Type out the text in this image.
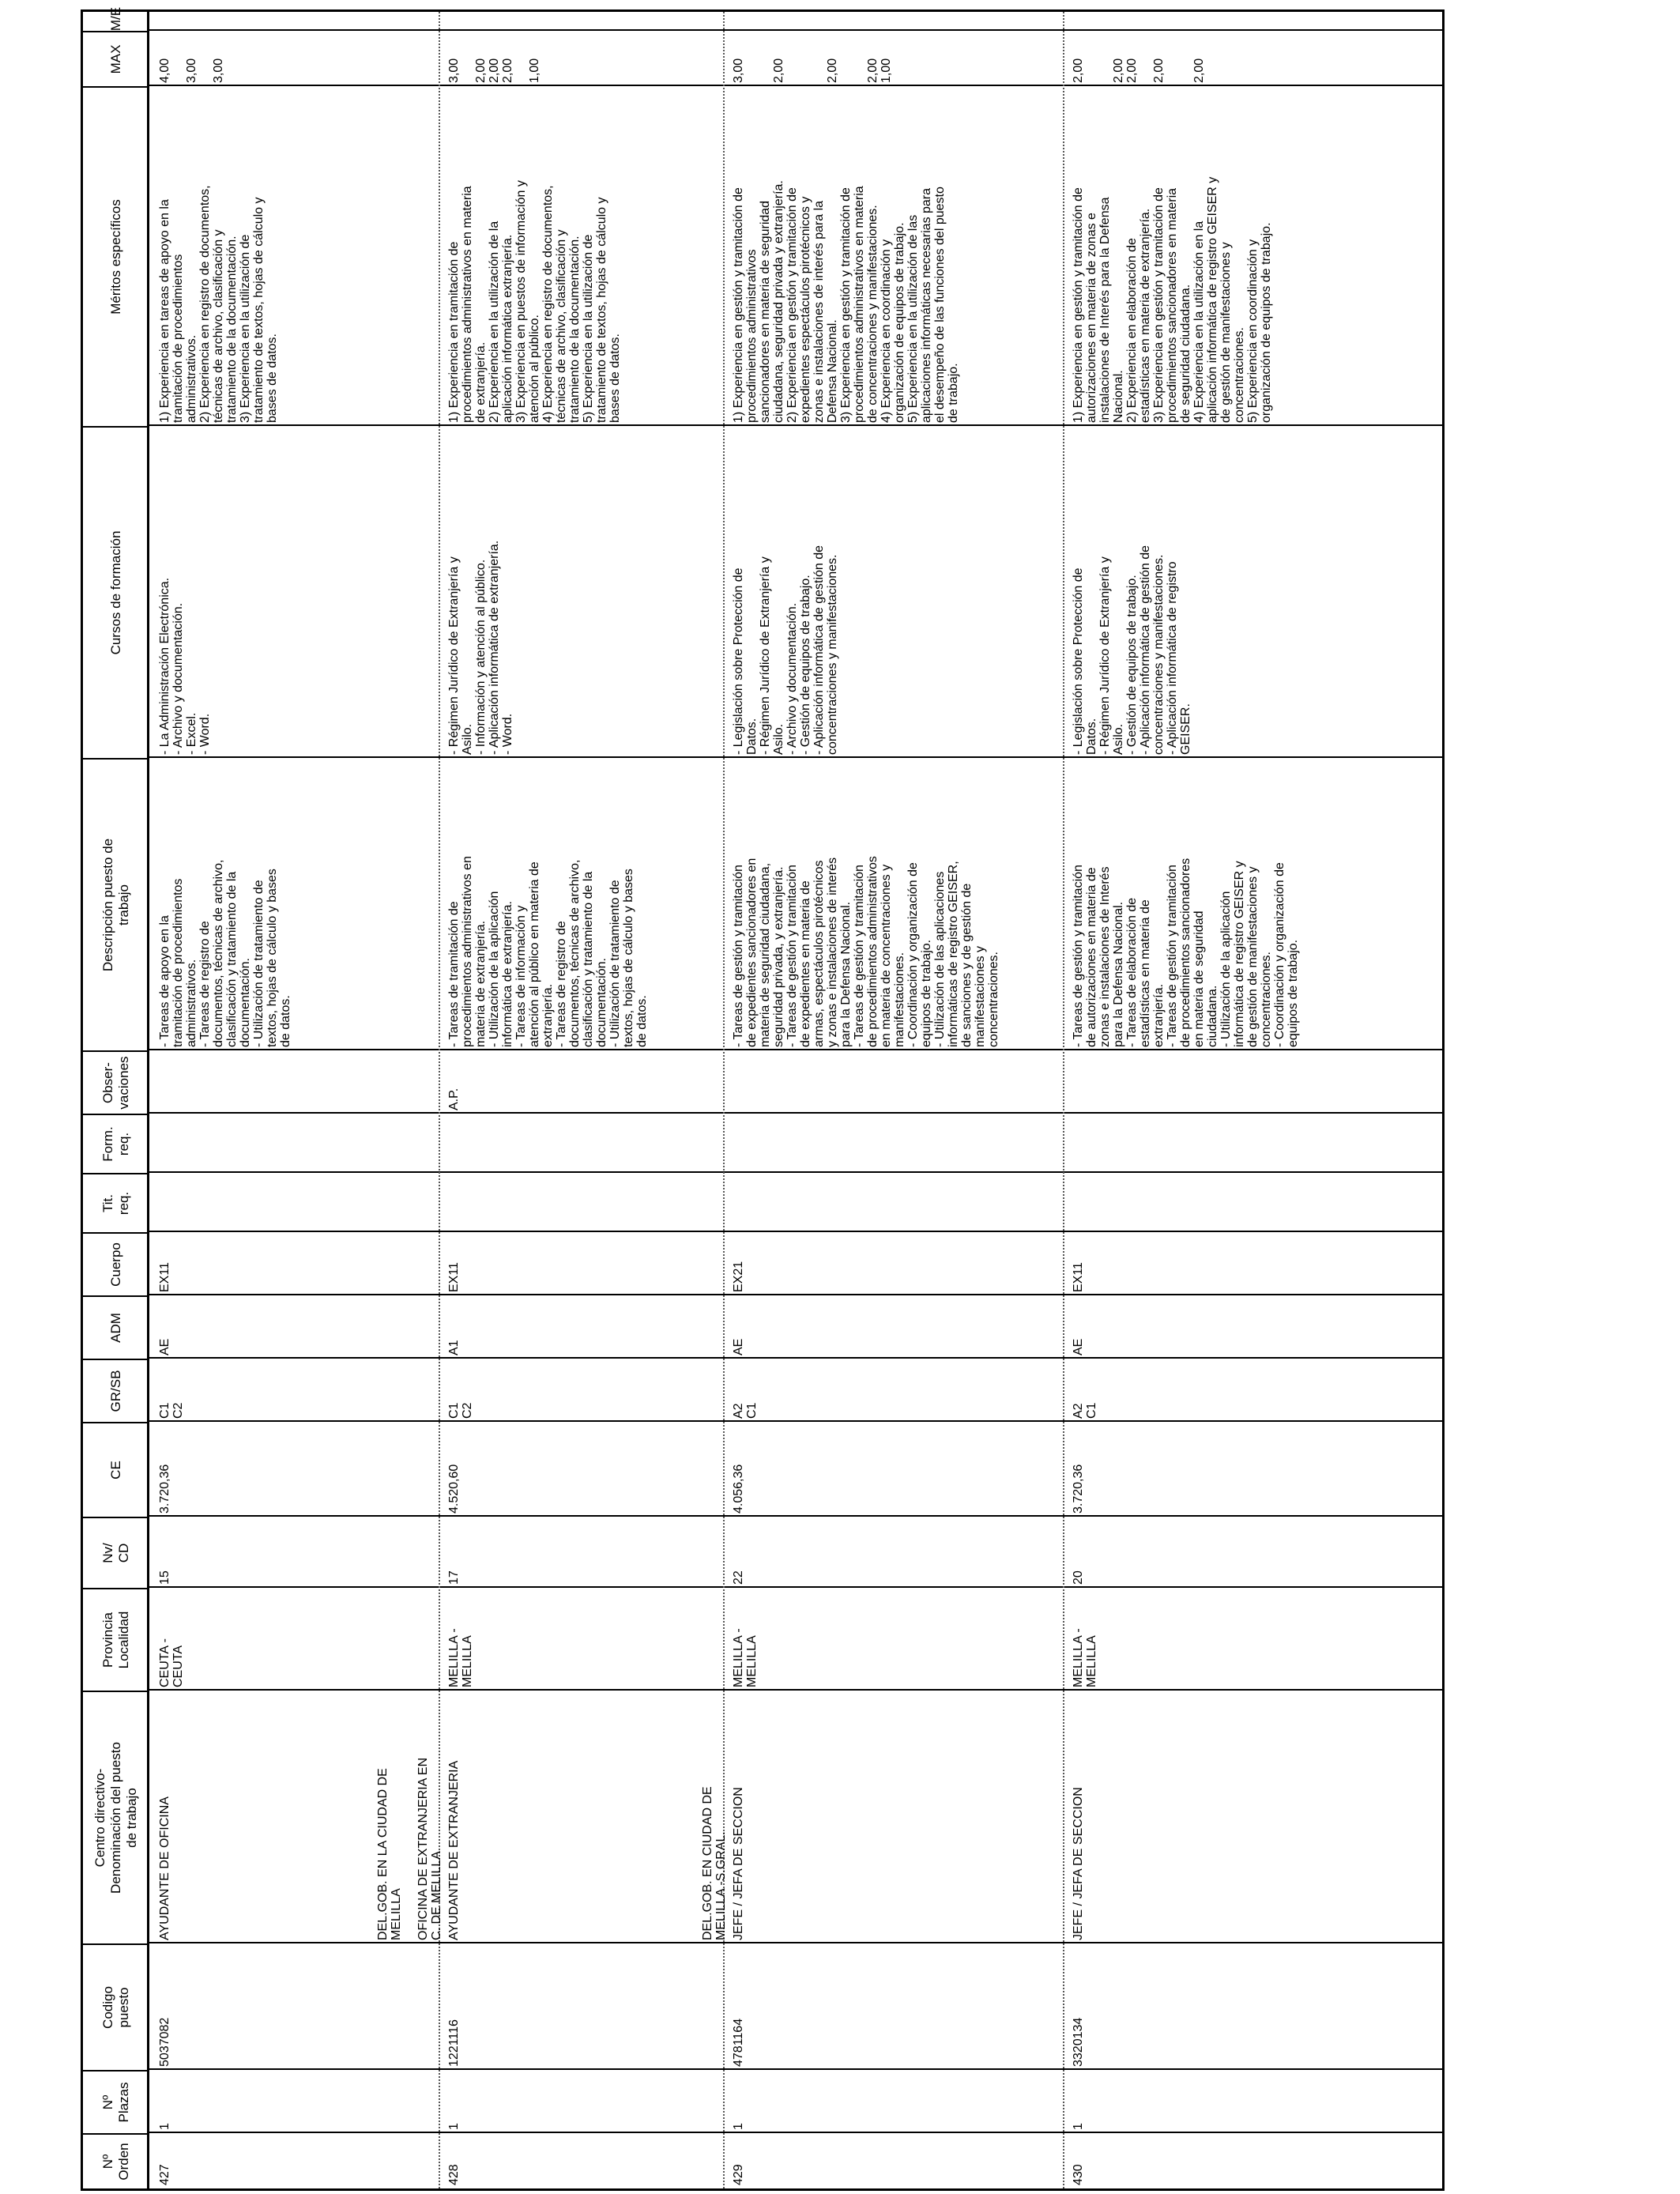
Nº
Orden
Nº
Plazas
Codigo
puesto
Centro directivo-
Denominación del puesto
de trabajo
Provincia
Localidad
Nv/
CD
CE
GR/SB
ADM
Cuerpo
Tit.
req.
Form.
req.
Obser-
vaciones
Descripción puesto de
trabajo
Cursos de formación
Méritos específicos
MAX
M/E
427
1
5037082
CEUTA -
CEUTA
15
3.720,36
C1
C2
AE
EX11
- Tareas de apoyo en la
tramitación de procedimientos
administrativos.
- Tareas de registro de
documentos, técnicas de archivo,
clasificación y tratamiento de la
documentación.
- Utilización de tratamiento de
textos, hojas de cálculo y bases
de datos.
- La Administración Electrónica.
- Archivo y documentación.
- Excel.
- Word.
1) Experiencia en tareas de apoyo en la
tramitación de procedimientos
administrativos.
2) Experiencia en registro de documentos,
técnicas de archivo, clasificación y
tratamiento de la documentación.
3) Experiencia en la utilización de
tratamiento de textos, hojas de cálculo y
bases de datos.
AYUDANTE DE OFICINA
4,00

3,00

3,00
428
1
1221116
MELILLA -
MELILLA
17
4.520,60
C1
C2
A1
EX11
A.P.
- Tareas de tramitación de
procedimientos administrativos en
materia de extranjería.
- Utilización de la aplicación
informática de extranjería.
- Tareas de información y
atención al público en materia de
extranjería.
- Tareas de registro de
documentos, técnicas de archivo,
clasificación y tratamiento de la
documentación.
- Utilización de tratamiento de
textos, hojas de cálculo y bases
de datos.
- Régimen Jurídico de Extranjería y
Asilo.
- Información y atención al público.
- Aplicación informática de extranjería.
- Word.
1) Experiencia en tramitación de
procedimientos administrativos en materia
de extranjería.
2) Experiencia en la utilización de la
aplicación informática extranjería.
3) Experiencia en puestos de información y
atención al público.
4) Experiencia en registro de documentos,
técnicas de archivo, clasificación y
tratamiento de la documentación.
5) Experiencia en la utilización de
tratamiento de textos, hojas de cálculo y
bases de datos.
AYUDANTE DE EXTRANJERIA
DEL.GOB. EN LA CIUDAD DE
MELILLA

OFICINA DE EXTRANJERIA EN
C. DE MELILLA
3,00

2,00
2,00
2,00

1,00
429
1
4781164
MELILLA -
MELILLA
22
4.056,36
A2
C1
AE
EX21
- Tareas de gestión y tramitación
de expedientes sancionadores en
materia de seguridad ciudadana,
seguridad privada, y extranjería.
- Tareas de gestión y tramitación
de expedientes en materia de
armas, espectáculos pirotécnicos
y zonas e instalaciones de interés
para la Defensa Nacional.
- Tareas de gestión y tramitación
de procedimientos administrativos
en materia de concentraciones y
manifestaciones.
- Coordinación y organización de
equipos de trabajo.
- Utilización de las aplicaciones
informáticas de registro GEISER,
de sanciones y de gestión de
manifestaciones y
concentraciones.
- Legislación sobre Protección de
Datos.
- Régimen Jurídico de Extranjería y
Asilo.
- Archivo y documentación.
- Gestión de equipos de trabajo.
- Aplicación informática de gestión de
concentraciones y manifestaciones.
1) Experiencia en gestión y tramitación de
procedimientos administrativos
sancionadores en materia de seguridad
ciudadana, seguridad privada y extranjería.
2) Experiencia en gestión y tramitación de
expedientes espectáculos pirotécnicos y
zonas e instalaciones de interés para la
Defensa Nacional.
3) Experiencia en gestión y tramitación de
procedimientos administrativos en materia
de concentraciones y manifestaciones.
4) Experiencia en coordinación y
organización de equipos de trabajo.
5) Experiencia en la utilización de las
aplicaciones informáticas necesarias para
el desempeño de las funciones del puesto
de trabajo.
JEFE / JEFA DE SECCION
DEL.GOB. EN CIUDAD DE
MELILLA -S.GRAL.
3,00

2,00

2,00

2,00
1,00
430
1
3320134
MELILLA -
MELILLA
20
3.720,36
A2
C1
AE
EX11
- Tareas de gestión y tramitación
de autorizaciones en materia de
zonas e instalaciones de Interés
para la Defensa Nacional.
- Tareas de elaboración de
estadísticas en materia de
extranjería.
- Tareas de gestión y tramitación
de procedimientos sancionadores
en materia de seguridad
ciudadana.
- Utilización de la aplicación
informática de registro GEISER y
de gestión de manifestaciones y
concentraciones.
- Coordinación y organización de
equipos de trabajo.
- Legislación sobre Protección de
Datos.
- Régimen Jurídico de Extranjería y
Asilo.
- Gestión de equipos de trabajo.
- Aplicación informática de gestión de
concentraciones y manifestaciones.
- Aplicación informática de registro
GEISER.
1) Experiencia en gestión y tramitación de
autorizaciones en materia de zonas e
instalaciones de Interés para la Defensa
Nacional.
2) Experiencia en elaboración de
estadísticas en materia de extranjería.
3) Experiencia en gestión y tramitación de
procedimientos sancionadores en materia
de seguridad ciudadana.
4) Experiencia en la utilización en la
aplicación informática de registro GEISER y
de gestión de manifestaciones y
concentraciones.
5) Experiencia en coordinación y
organización de equipos de trabajo.
JEFE / JEFA DE SECCION
2,00

2,00
2,00

2,00

2,00
